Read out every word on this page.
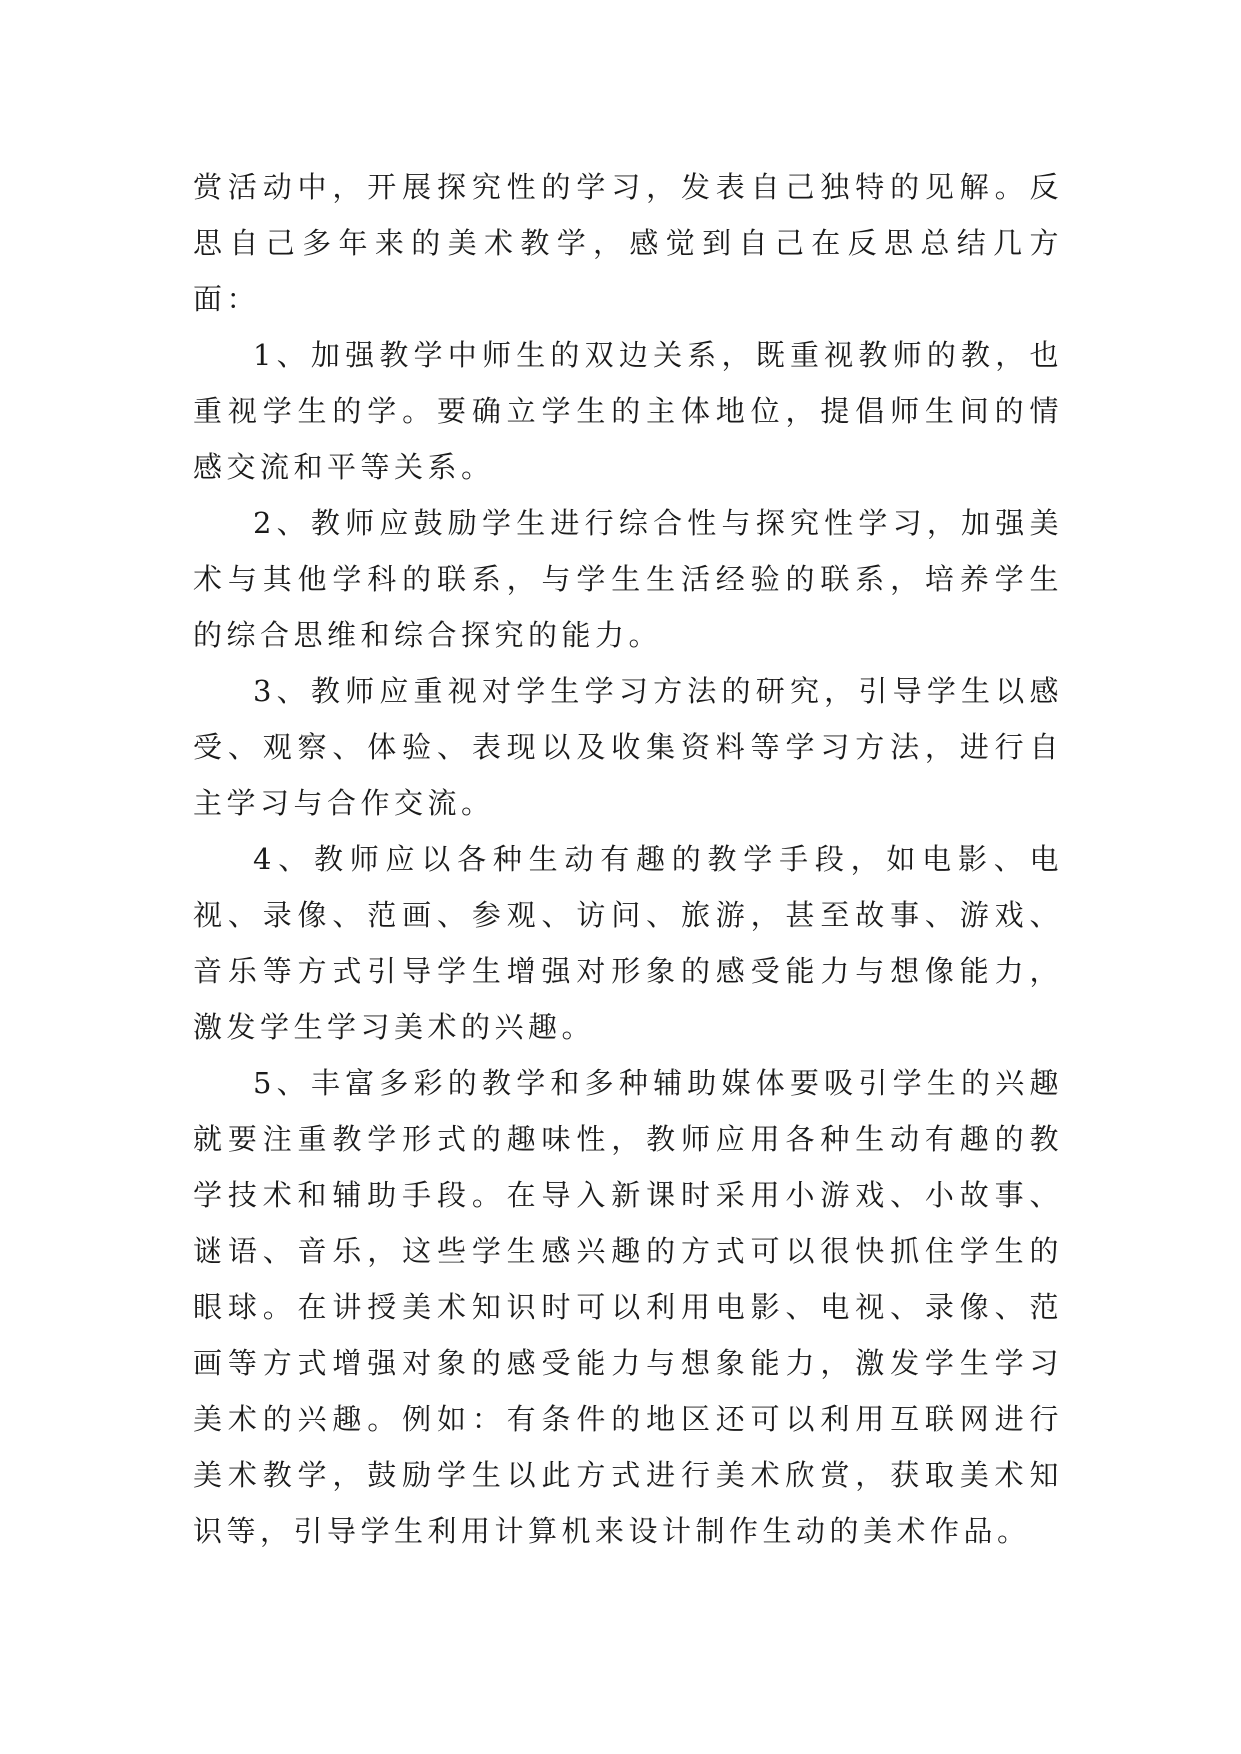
赏活动中，开展探究性的学习，发表自己独特的见解。反思自己多年来的美术教学，感觉到自己在反思总结几方面：

1、加强教学中师生的双边关系，既重视教师的教，也重视学生的学。要确立学生的主体地位，提倡师生间的情感交流和平等关系。

2、教师应鼓励学生进行综合性与探究性学习，加强美术与其他学科的联系，与学生生活经验的联系，培养学生的综合思维和综合探究的能力。

3、教师应重视对学生学习方法的研究，引导学生以感受、观察、体验、表现以及收集资料等学习方法，进行自主学习与合作交流。

4、教师应以各种生动有趣的教学手段，如电影、电视、录像、范画、参观、访问、旅游，甚至故事、游戏、音乐等方式引导学生增强对形象的感受能力与想像能力，激发学生学习美术的兴趣。

5、丰富多彩的教学和多种辅助媒体要吸引学生的兴趣就要注重教学形式的趣味性，教师应用各种生动有趣的教学技术和辅助手段。在导入新课时采用小游戏、小故事、谜语、音乐，这些学生感兴趣的方式可以很快抓住学生的眼球。在讲授美术知识时可以利用电影、电视、录像、范画等方式增强对象的感受能力与想象能力，激发学生学习美术的兴趣。例如：有条件的地区还可以利用互联网进行美术教学，鼓励学生以此方式进行美术欣赏，获取美术知识等，引导学生利用计算机来设计制作生动的美术作品。
